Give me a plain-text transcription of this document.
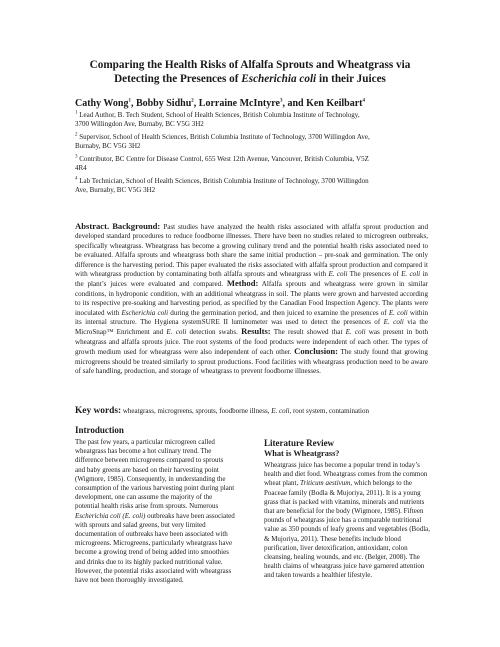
Comparing the Health Risks of Alfalfa Sprouts and Wheatgrass via
Detecting the Presences of Escherichia coli in their Juices
Cathy Wong$^1$, Bobby Sidhu$^2$, Lorraine McIntyre$^3$, and Ken Keilbart$^4$
$^1$ Lead Author, B. Tech Student, School of Health Sciences, British Columbia Institute of Technology,
3700 Willingdon Ave, Burnaby, BC V5G 3H2
$^2$ Supervisor, School of Health Sciences, British Columbia Institute of Technology, 3700 Willingdon Ave,
Burnaby, BC V5G 3H2
$^3$ Contributor, BC Centre for Disease Control, 655 West 12th Avenue, Vancouver, British Columbia, V5Z
4R4
$^4$ Lab Technician, School of Health Sciences, British Columbia Institute of Technology, 3700 Willingdon
Ave, Burnaby, BC V5G 3H2
Abstract. Background: Past studies have analyzed the health risks associated with alfalfa sprout production and developed standard procedures to reduce foodborne illnesses. There have been no studies related to microgreen outbreaks, specifically wheatgrass. Wheatgrass has become a growing culinary trend and the potential health risks associated need to be evaluated. Alfalfa sprouts and wheatgrass both share the same initial production – pre-soak and germination. The only difference is the harvesting period. This paper evaluated the risks associated with alfalfa sprout production and compared it with wheatgrass production by contaminating both alfalfa sprouts and wheatgrass with E. coli The presences of E. coli in the plant’s juices were evaluated and compared. Method: Alfalfa sprouts and wheatgrass were grown in similar conditions, in hydroponic condition, with an additional wheatgrass in soil. The plants were grown and harvested according to its respective pre-soaking and harvesting period, as specified by the Canadian Food Inspection Agency. The plants were inoculated with Escherichia coli during the germination period, and then juiced to examine the presences of E. coli within its internal structure. The Hygiena systemSURE II luminometer was used to detect the presences of E. coli via the MicroSnap™ Enrichment and E. coli detection swabs. Results: The result showed that E. coli was present in both wheatgrass and alfalfa sprouts juice. The root systems of the food products were independent of each other. The types of growth medium used for wheatgrass were also independent of each other. Conclusion: The study found that growing microgreens should be treated similarly to sprout productions. Food facilities with wheatgrass production need to be aware of safe handling, production, and storage of wheatgrass to prevent foodborne illnesses.
Key words: wheatgrass, microgreens, sprouts, foodborne illness, E. coli, root system, contamination
Introduction
The past few years, a particular microgreen called wheatgrass has become a hot culinary trend. The difference between microgreens compared to sprouts and baby greens are based on their harvesting point (Wigmore, 1985). Consequently, in understanding the consumption of the various harvesting point during plant development, one can assume the majority of the potential health risks arise from sprouts. Numerous Escherichia coli (E. coli) outbreaks have been associated with sprouts and salad greens, but very limited documentation of outbreaks have been associated with microgreens. Microgreens, particularly wheatgrass have become a growing trend of being added into smoothies and drinks due to its highly packed nutritional value. However, the potential risks associated with wheatgrass have not been thoroughly investigated.
Literature Review
What is Wheatgrass?
Wheatgrass juice has become a popular trend in today’s health and diet food. Wheatgrass comes from the common wheat plant, Triticum aestivum, which belongs to the Poaceae family (Bodla & Mujoriya, 2011). It is a young grass that is packed with vitamins, minerals and nutrients that are beneficial for the body (Wigmore, 1985). Fifteen pounds of wheatgrass juice has a comparable nutritional value as 350 pounds of leafy greens and vegetables (Bodla, & Mujoriya, 2011). These benefits include blood purification, liver detoxification, antioxidant, colon cleansing, healing wounds, and etc. (Belger, 2008). The health claims of wheatgrass juice have garnered attention and taken towards a healthier lifestyle.
